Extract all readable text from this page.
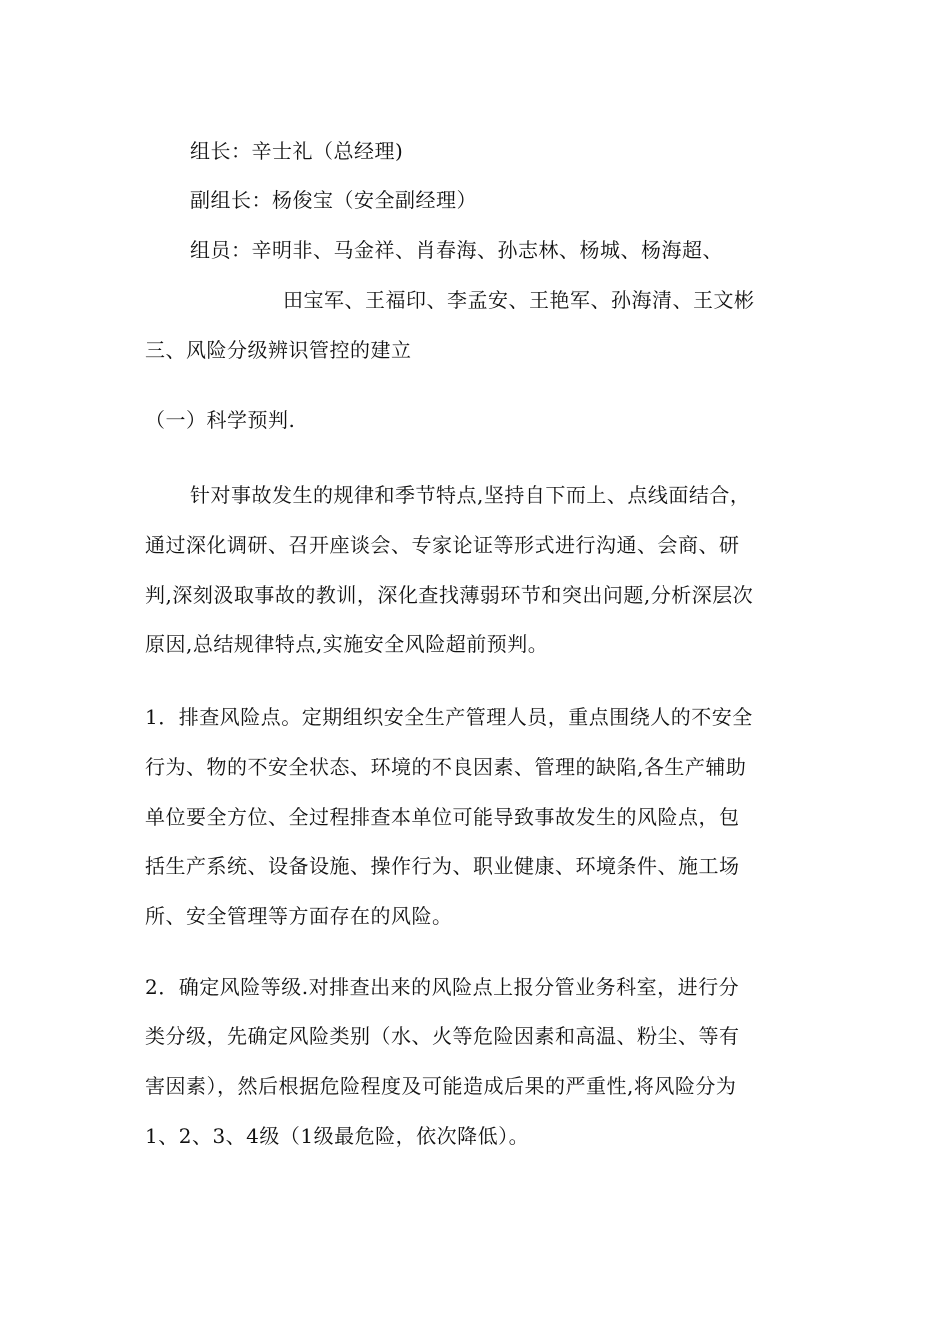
组长：辛士礼（总经理)
副组长：杨俊宝（安全副经理）
组员：辛明非、马金祥、肖春海、孙志林、杨城、杨海超、
田宝军、王福印、李孟安、王艳军、孙海清、王文彬
三、风险分级辨识管控的建立
（一）科学预判.
针对事故发生的规律和季节特点,坚持自下而上、点线面结合，
通过深化调研、召开座谈会、专家论证等形式进行沟通、会商、研
判,深刻汲取事故的教训，深化查找薄弱环节和突出问题,分析深层次
原因,总结规律特点,实施安全风险超前预判。
1．排查风险点。定期组织安全生产管理人员，重点围绕人的不安全
行为、物的不安全状态、环境的不良因素、管理的缺陷,各生产辅助
单位要全方位、全过程排查本单位可能导致事故发生的风险点，包
括生产系统、设备设施、操作行为、职业健康、环境条件、施工场
所、安全管理等方面存在的风险。
2．确定风险等级.对排查出来的风险点上报分管业务科室，进行分
类分级，先确定风险类别（水、火等危险因素和高温、粉尘、等有
害因素），然后根据危险程度及可能造成后果的严重性,将风险分为
1、2、3、4级（1级最危险，依次降低）。
